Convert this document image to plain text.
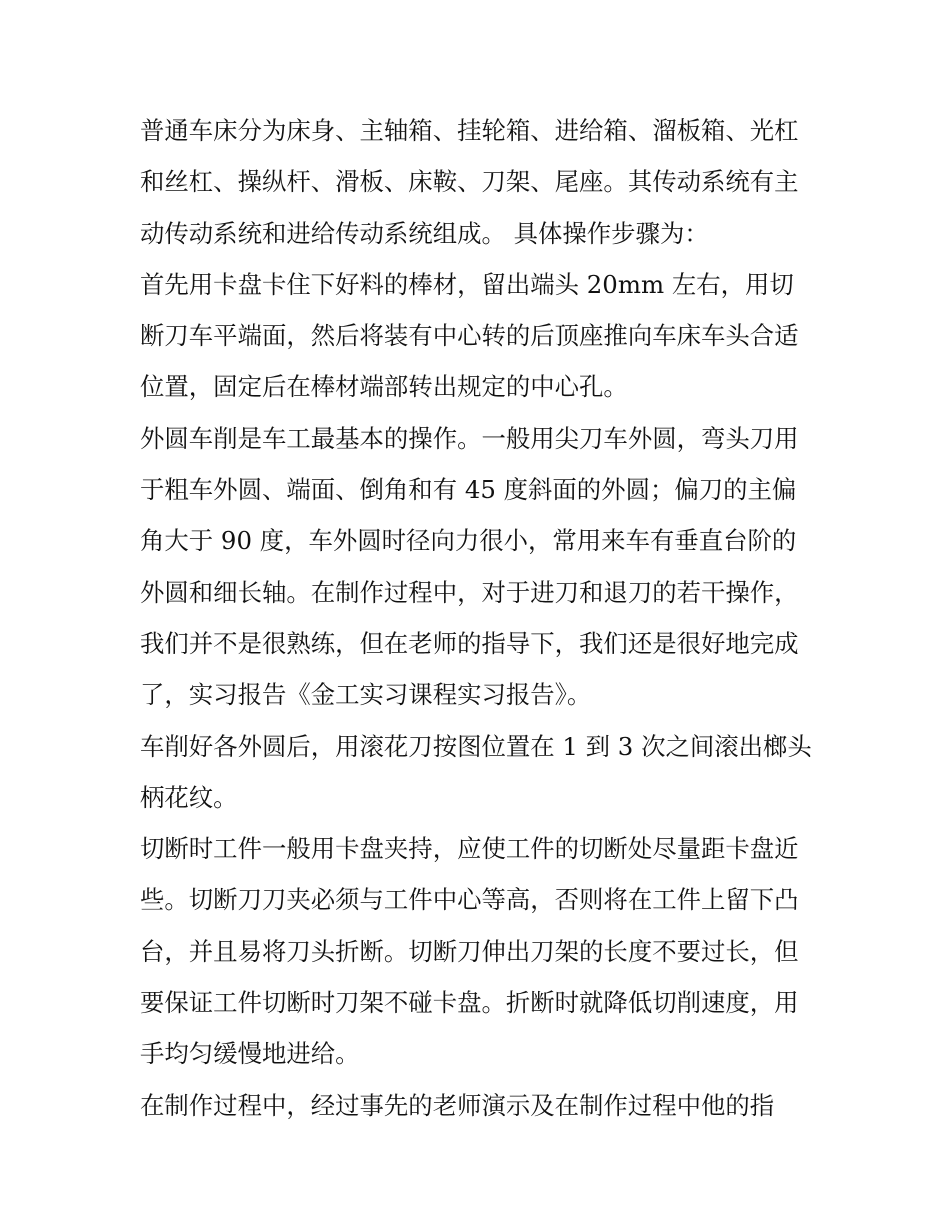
普通车床分为床身、主轴箱、挂轮箱、进给箱、溜板箱、光杠
和丝杠、操纵杆、滑板、床鞍、刀架、尾座。其传动系统有主
动传动系统和进给传动系统组成。 具体操作步骤为：
首先用卡盘卡住下好料的棒材，留出端头 20mm 左右，用切
断刀车平端面，然后将装有中心转的后顶座推向车床车头合适
位置，固定后在棒材端部转出规定的中心孔。
外圆车削是车工最基本的操作。一般用尖刀车外圆，弯头刀用
于粗车外圆、端面、倒角和有 45 度斜面的外圆；偏刀的主偏
角大于 90 度，车外圆时径向力很小，常用来车有垂直台阶的
外圆和细长轴。在制作过程中，对于进刀和退刀的若干操作，
我们并不是很熟练，但在老师的指导下，我们还是很好地完成
了，实习报告《金工实习课程实习报告》。
车削好各外圆后，用滚花刀按图位置在 1 到 3 次之间滚出榔头
柄花纹。
切断时工件一般用卡盘夹持，应使工件的切断处尽量距卡盘近
些。切断刀刀夹必须与工件中心等高，否则将在工件上留下凸
台，并且易将刀头折断。切断刀伸出刀架的长度不要过长，但
要保证工件切断时刀架不碰卡盘。折断时就降低切削速度，用
手均匀缓慢地进给。
在制作过程中，经过事先的老师演示及在制作过程中他的指
